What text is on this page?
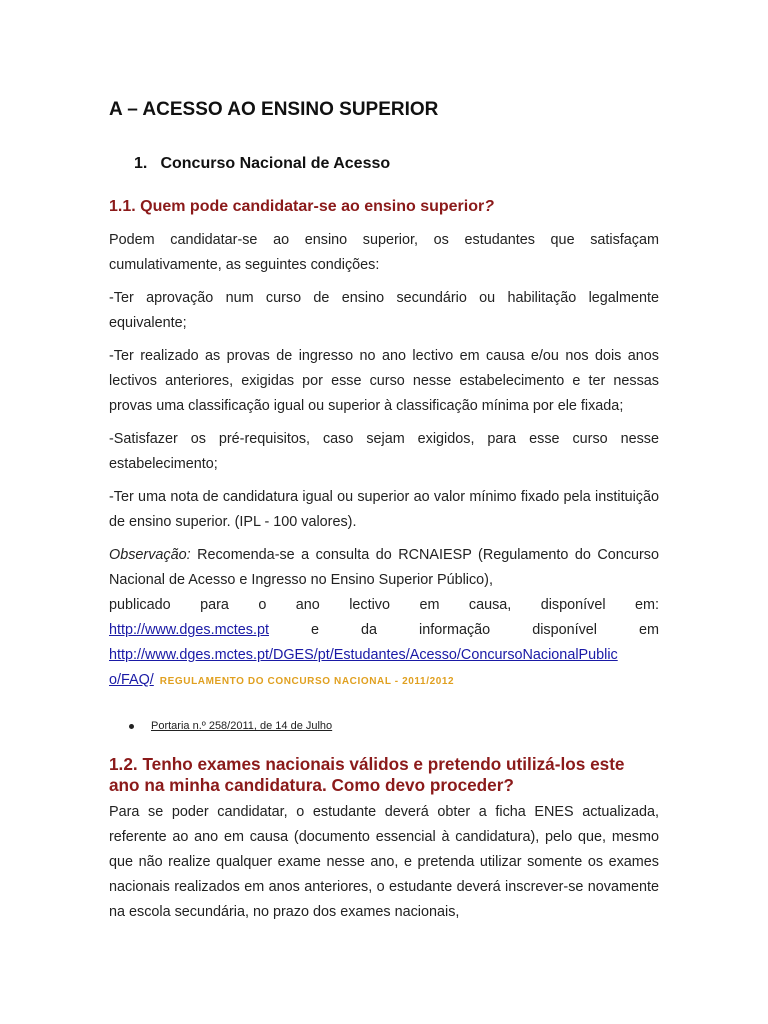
A – ACESSO AO ENSINO SUPERIOR
1. Concurso Nacional de Acesso
1.1. Quem pode candidatar-se ao ensino superior?
Podem candidatar-se ao ensino superior, os estudantes que satisfaçam cumulativamente, as seguintes condições:
-Ter aprovação num curso de ensino secundário ou habilitação legalmente equivalente;
-Ter realizado as provas de ingresso no ano lectivo em causa e/ou nos dois anos lectivos anteriores, exigidas por esse curso nesse estabelecimento e ter nessas provas uma classificação igual ou superior à classificação mínima por ele fixada;
-Satisfazer os pré-requisitos, caso sejam exigidos, para esse curso nesse estabelecimento;
-Ter uma nota de candidatura igual ou superior ao valor mínimo fixado pela instituição de ensino superior. (IPL - 100 valores).
Observação: Recomenda-se a consulta do RCNAIESP (Regulamento do Concurso Nacional de Acesso e Ingresso no Ensino Superior Público),
publicado para o ano lectivo em causa, disponível em:
http://www.dges.mctes.pt	e	da	informação	disponível	em
http://www.dges.mctes.pt/DGES/pt/Estudantes/Acesso/ConcursoNacionalPublic
o/FAQ/ REGULAMENTO DO CONCURSO NACIONAL - 2011/2012
Portaria n.º 258/2011, de 14 de Julho
1.2. Tenho exames nacionais válidos e pretendo utilizá-los este ano na minha candidatura. Como devo proceder?
Para se poder candidatar, o estudante deverá obter a ficha ENES actualizada, referente ao ano em causa (documento essencial à candidatura), pelo que, mesmo que não realize qualquer exame nesse ano, e pretenda utilizar somente os exames nacionais realizados em anos anteriores, o estudante deverá inscrever-se novamente na escola secundária, no prazo dos exames nacionais,
